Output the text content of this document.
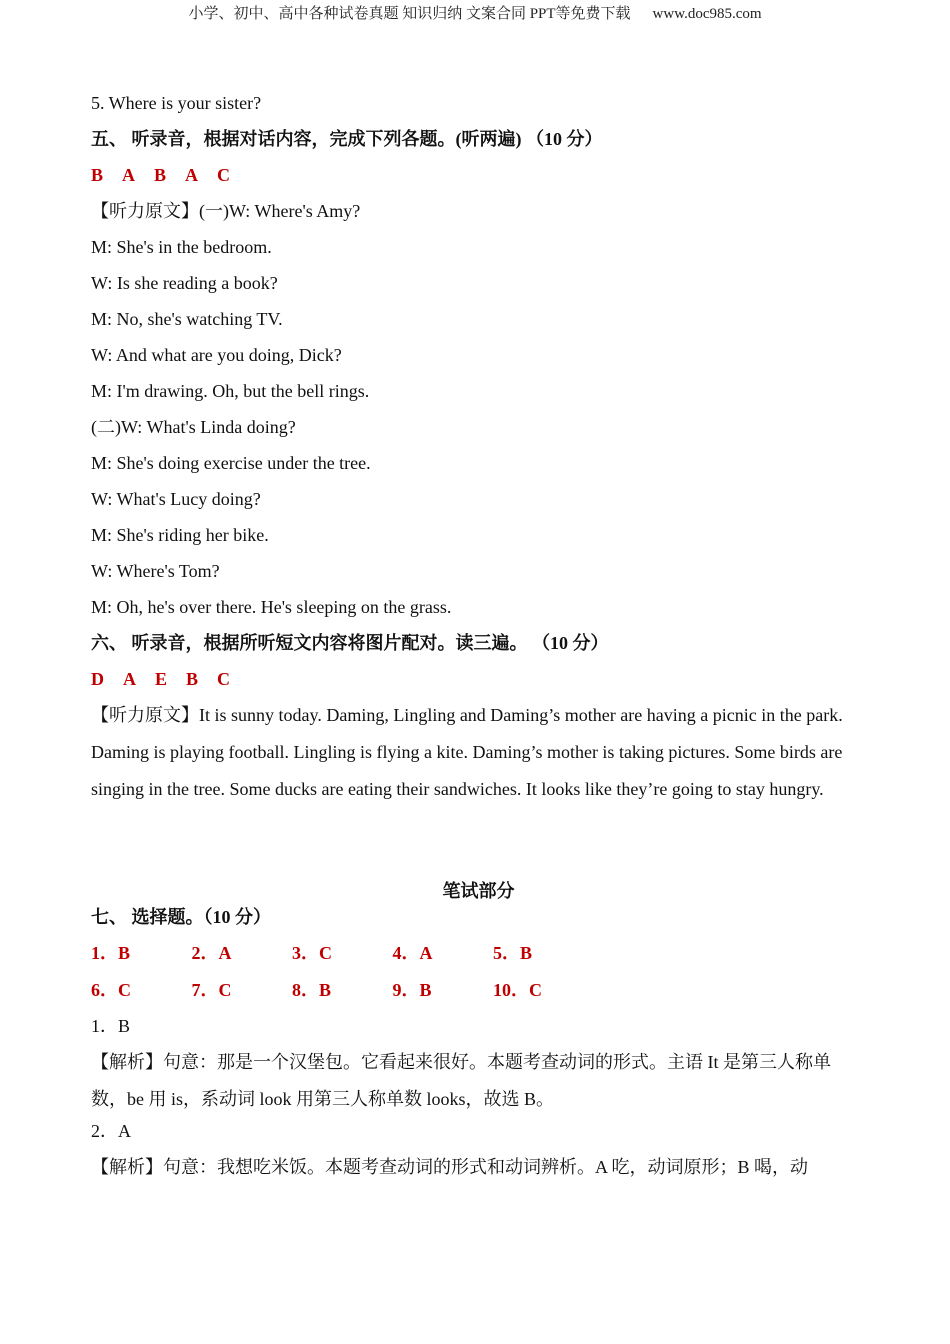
小学、初中、高中各种试卷真题 知识归纳 文案合同 PPT等免费下载 www.doc985.com

5. Where is your sister?

五、 听录音，根据对话内容，完成下列各题。(听两遍) （10 分）

B A B A C

【听力原文】(一)W: Where's Amy?

M: She's in the bedroom.

W: Is she reading a book?

M: No, she's watching TV.

W: And what are you doing, Dick?

M: I'm drawing. Oh, but the bell rings.

(二)W: What's Linda doing?

M: She's doing exercise under the tree.

W: What's Lucy doing?

M: She's riding her bike.

W: Where's Tom?

M: Oh, he's over there. He's sleeping on the grass.

六、 听录音，根据所听短文内容将图片配对。读三遍。 （10 分）

D A E B C

【听力原文】It is sunny today. Daming, Lingling and Daming’s mother are having a picnic in the park. Daming is playing football. Lingling is flying a kite. Daming’s mother is taking pictures. Some birds are singing in the tree. Some ducks are eating their sandwiches. It looks like they’re going to stay hungry.

笔试部分

七、 选择题。（10 分）

1．B	2．A	3．C	4．A	5．B
6．C	7．C	8．B	9．B	10．C

1．B

【解析】句意：那是一个汉堡包。它看起来很好。本题考查动词的形式。主语 It 是第三人称单数，be 用 is，系动词 look 用第三人称单数 looks，故选 B。

2．A

【解析】句意：我想吃米饭。本题考查动词的形式和动词辨析。A 吃，动词原形；B 喝，动
